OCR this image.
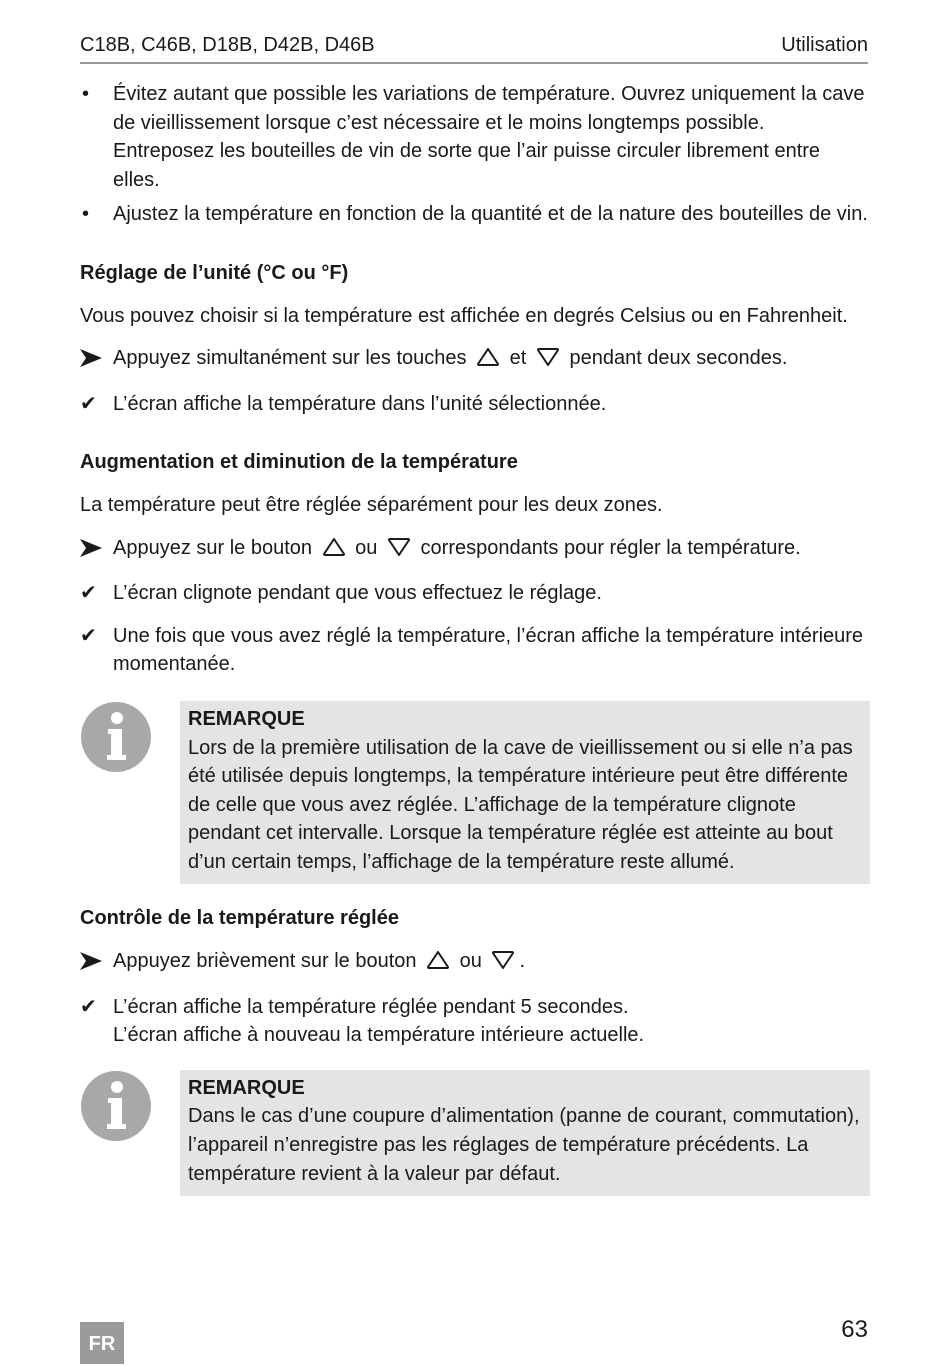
C18B, C46B, D18B, D42B, D46B	Utilisation
• Évitez autant que possible les variations de température. Ouvrez uniquement la cave de vieillissement lorsque c’est nécessaire et le moins longtemps possible. Entreposez les bouteilles de vin de sorte que l’air puisse circuler librement entre elles.
• Ajustez la température en fonction de la quantité et de la nature des bouteilles de vin.
Réglage de l’unité (°C ou °F)
Vous pouvez choisir si la température est affichée en degrés Celsius ou en Fahrenheit.
Appuyez simultanément sur les touches et pendant deux secondes.
✔ L’écran affiche la température dans l’unité sélectionnée.
Augmentation et diminution de la température
La température peut être réglée séparément pour les deux zones.
Appuyez sur le bouton ou correspondants pour régler la température.
✔ L’écran clignote pendant que vous effectuez le réglage.
✔ Une fois que vous avez réglé la température, l’écran affiche la température intérieure momentanée.
REMARQUE
Lors de la première utilisation de la cave de vieillissement ou si elle n’a pas été utilisée depuis longtemps, la température intérieure peut être différente de celle que vous avez réglée. L’affichage de la température clignote pendant cet intervalle. Lorsque la température réglée est atteinte au bout d’un certain temps, l’affichage de la température reste allumé.
Contrôle de la température réglée
Appuyez brièvement sur le bouton ou .
✔ L’écran affiche la température réglée pendant 5 secondes.
L’écran affiche à nouveau la température intérieure actuelle.
REMARQUE
Dans le cas d’une coupure d’alimentation (panne de courant, commutation), l’appareil n’enregistre pas les réglages de température précédents. La température revient à la valeur par défaut.
FR
63
